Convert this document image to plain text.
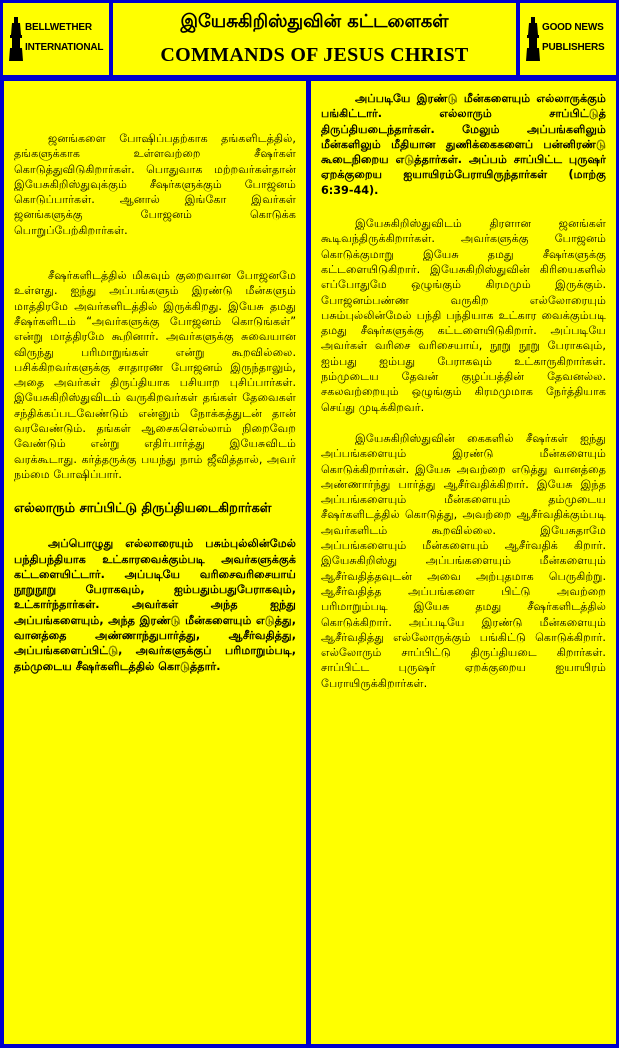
BELLWETHER
INTERNATIONAL
இயேசுகிறிஸ்துவின் கட்டளைகள்
COMMANDS OF JESUS CHRIST
GOOD NEWS
PUBLISHERS

ஜனங்களை போஷிப்பதற்காக தங்களிடத்தில், தங்களுக்காக உள்ளவற்றை சீஷர்கள் கொடுத்துவிடுகிறார்கள். பொதுவாக மற்றவர்கள்தான் இயேசுகிறிஸ்துவுக்கும் சீஷர்களுக்கும் போஜனம் கொடுப்பார்கள். ஆனால் இங்கோ இவர்கள் ஜனங்களுக்கு போஜனம் கொடுக்க பொறுப்பேற்கிறார்கள்.

சீஷர்களிடத்தில் மிகவும் குறைவான போஜனமே உள்ளது. ஐந்து அப்பங்களும் இரண்டு மீன்களும் மாத்திரமே அவர்களிடத்தில் இருக்கிறது. இயேசு தமது சீஷர்களிடம் “அவர்களுக்கு போஜனம் கொடுங்கள்” என்று மாத்திரமே கூறினார். அவர்களுக்கு சுவையான விருந்து பரிமாறுங்கள் என்று கூறவில்லை. பசிக்கிறவர்களுக்கு சாதாரண போஜனம் இருந்தாலும், அதை அவர்கள் திருப்தியாக பசியாற புசிப்பார்கள். இயேசுகிறிஸ்துவிடம் வருகிறவர்கள் தங்கள் தேவைகள் சந்திக்கப்படவேண்டும் என்னும் நோக்கத்துடன் தான் வரவேண்டும். தங்கள் ஆசைகளெல்லாம் நிறைவேற வேண்டும் என்று எதிர்பார்த்து இயேசுவிடம் வரக்கூடாது. கர்த்தருக்கு பயந்து நாம் ஜீவித்தால், அவர் நம்மை போஷிப்பார்.

எல்லாரும் சாப்பிட்டு திருப்தியடைகிறார்கள்

அப்பொழுது எல்லாரையும் பசும்புல்லின்மேல் பந்திபந்தியாக உட்காரவைக்கும்படி அவர்களுக்குக் கட்டளையிட்டார். அப்படியே வரிசைவரிசையாய் நூறுநூறு பேராகவும், ஐம்பதும்பதுபேராகவும், உட்கார்ந்தார்கள். அவர்கள் அந்த ஐந்து அப்பங்களையும், அந்த இரண்டு மீன்களையும் எடுத்து, வானத்தை அண்ணாந்துபார்த்து, ஆசீர்வதித்து, அப்பங்களைப்பிட்டு, அவர்களுக்குப் பரிமாறும்படி, தம்முடைய சீஷர்களிடத்தில் கொடுத்தார்.

அப்படியே இரண்டு மீன்களையும் எல்லாருக்கும் பங்கிட்டார். எல்லாரும் சாப்பிட்டுத் திருப்தியடைந்தார்கள். மேலும் அப்பங்களிலும் மீன்களிலும் மீதியான துணிக்கைகளைப் பன்னிரண்டு கூடைநிறைய எடுத்தார்கள். அப்பம் சாப்பிட்ட புருஷர் ஏறக்குறைய ஐயாயிரம்பேராயிருந்தார்கள் (மாற்கு 6:39-44).

இயேசுகிறிஸ்துவிடம் திரளான ஜனங்கள் கூடிவந்திருக்கிறார்கள். அவர்களுக்கு போஜனம் கொடுக்குமாறு இயேசு தமது சீஷர்களுக்கு கட்டளையிடுகிறார். இயேசுகிறிஸ்துவின் கிரியைகளில் எப்போதுமே ஒழுங்கும் கிரமமும் இருக்கும். போஜனம்பண்ண வருகிற எல்லோரையும் பசும்புல்லின்மேல் பந்தி பந்தியாக உட்கார வைக்கும்படி தமது சீஷர்களுக்கு கட்டளையிடுகிறார். அப்படியே அவர்கள் வரிசை வரிசையாய், நூறு நூறு பேராகவும், ஐம்பது ஐம்பது பேராகவும் உட்காருகிறார்கள். நம்முடைய தேவன் குழப்பத்தின் தேவனல்ல. சகலவற்றையும் ஒழுங்கும் கிரமமுமாக நேர்த்தியாக செய்து முடிக்கிறவர்.

இயேசுகிறிஸ்துவின் கைகளில் சீஷர்கள் ஐந்து அப்பங்களையும் இரண்டு மீன்களையும் கொடுக்கிறார்கள். இயேசு அவற்றை எடுத்து வானத்தை அண்ணார்ந்து பார்த்து ஆசீர்வதிக்கிறார். இயேசு இந்த அப்பங்களையும் மீன்களையும் தம்முடைய சீஷர்களிடத்தில் கொடுத்து, அவற்றை ஆசீர்வதிக்கும்படி அவர்களிடம் கூறவில்லை. இயேசுதாமே அப்பங்களையும் மீன்களையும் ஆசீர்வதிக் கிறார். இயேசுகிறிஸ்து அப்பங்களையும் மீன்களையும் ஆசீர்வதித்தவுடன் அவை அற்புதமாக பெருகிற்று. ஆசீர்வதித்த அப்பங்களை பிட்டு அவற்றை பரிமாறும்படி இயேசு தமது சீஷர்களிடத்தில் கொடுக்கிறார். அப்படியே இரண்டு மீன்களையும் ஆசீர்வதித்து எல்லோருக்கும் பங்கிட்டு கொடுக்கிறார். எல்லோரும் சாப்பிட்டு திருப்தியடை கிறார்கள். சாப்பிட்ட புருஷர் ஏறக்குறைய ஐயாயிரம் பேராயிருக்கிறார்கள்.
